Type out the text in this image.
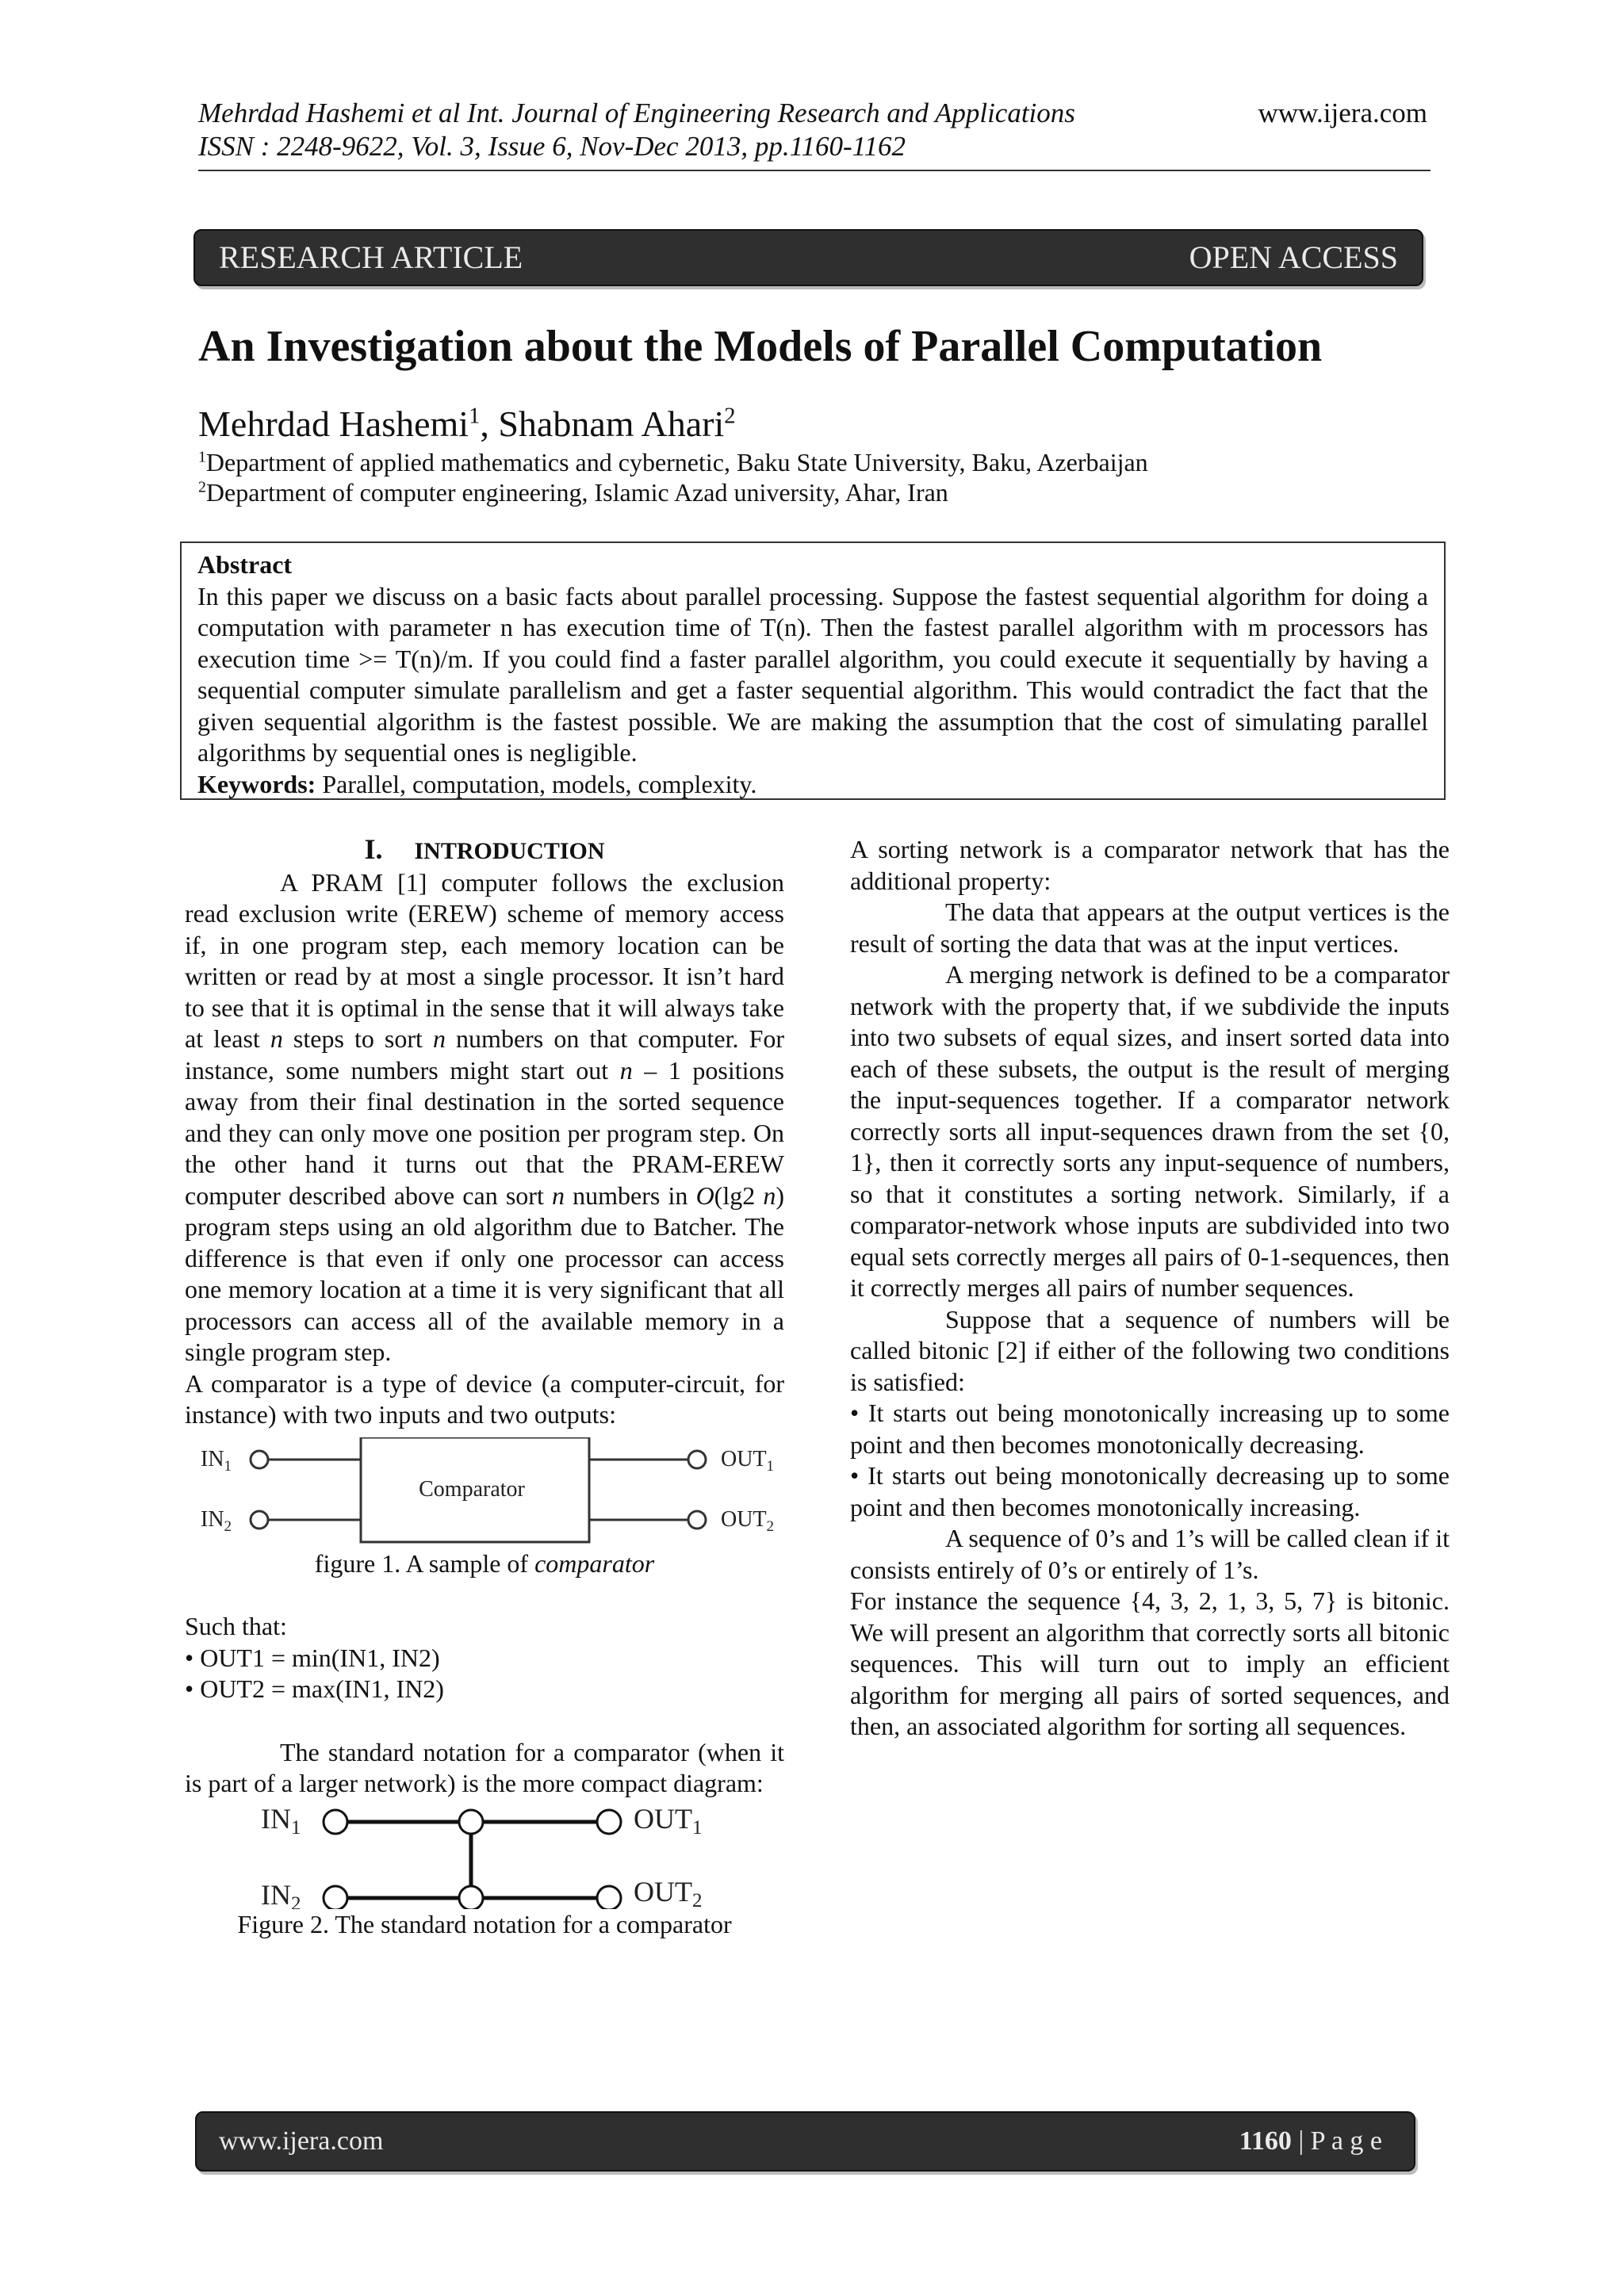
Mehrdad Hashemi et al Int. Journal of Engineering Research and Applications
ISSN : 2248-9622, Vol. 3, Issue 6, Nov-Dec 2013, pp.1160-1162
www.ijera.com
RESEARCH ARTICLE	OPEN ACCESS
An Investigation about the Models of Parallel Computation
Mehrdad Hashemi$^1$, Shabnam Ahari$^2$
$^1$Department of applied mathematics and cybernetic, Baku State University, Baku, Azerbaijan
$^2$Department of computer engineering, Islamic Azad university, Ahar, Iran

Abstract

In this paper we discuss on a basic facts about parallel processing. Suppose the fastest sequential algorithm for doing a computation with parameter n has execution time of T(n). Then the fastest parallel algorithm with m processors has execution time >= T(n)/m. If you could find a faster parallel algorithm, you could execute it sequentially by having a sequential computer simulate parallelism and get a faster sequential algorithm. This would contradict the fact that the given sequential algorithm is the fastest possible. We are making the assumption that the cost of simulating parallel algorithms by sequential ones is negligible.

Keywords: Parallel, computation, models, complexity.

I. INTRODUCTION

A PRAM [1] computer follows the exclusion read exclusion write (EREW) scheme of memory access if, in one program step, each memory location can be written or read by at most a single processor. It isn’t hard to see that it is optimal in the sense that it will always take at least n steps to sort n numbers on that computer. For instance, some numbers might start out n – 1 positions away from their final destination in the sorted sequence and they can only move one position per program step. On the other hand it turns out that the PRAM-EREW computer described above can sort n numbers in O(lg2 n) program steps using an old algorithm due to Batcher. The difference is that even if only one processor can access one memory location at a time it is very significant that all processors can access all of the available memory in a single program step.

A comparator is a type of device (a computer-circuit, for instance) with two inputs and two outputs:

$IN_1$
$IN_2$
$OUT_1$
$OUT_2$
Comparator

figure 1. A sample of comparator

Such that:

• OUT1 = min(IN1, IN2)

• OUT2 = max(IN1, IN2)

The standard notation for a comparator (when it is part of a larger network) is the more compact diagram:

IN1
IN2
OUT1
OUT2

Figure 2. The standard notation for a comparator

A sorting network is a comparator network that has the additional property:

The data that appears at the output vertices is the result of sorting the data that was at the input vertices.

A merging network is defined to be a comparator network with the property that, if we subdivide the inputs into two subsets of equal sizes, and insert sorted data into each of these subsets, the output is the result of merging the input-sequences together. If a comparator network correctly sorts all input-sequences drawn from the set {0, 1}, then it correctly sorts any input-sequence of numbers, so that it constitutes a sorting network. Similarly, if a comparator-network whose inputs are subdivided into two equal sets correctly merges all pairs of 0-1-sequences, then it correctly merges all pairs of number sequences.

Suppose that a sequence of numbers will be called bitonic [2] if either of the following two conditions is satisfied:

• It starts out being monotonically increasing up to some point and then becomes monotonically decreasing.

• It starts out being monotonically decreasing up to some point and then becomes monotonically increasing.

A sequence of 0’s and 1’s will be called clean if it consists entirely of 0’s or entirely of 1’s.

For instance the sequence {4, 3, 2, 1, 3, 5, 7} is bitonic. We will present an algorithm that correctly sorts all bitonic sequences. This will turn out to imply an efficient algorithm for merging all pairs of sorted sequences, and then, an associated algorithm for sorting all sequences.

www.ijera.com	1160 | P a g e
